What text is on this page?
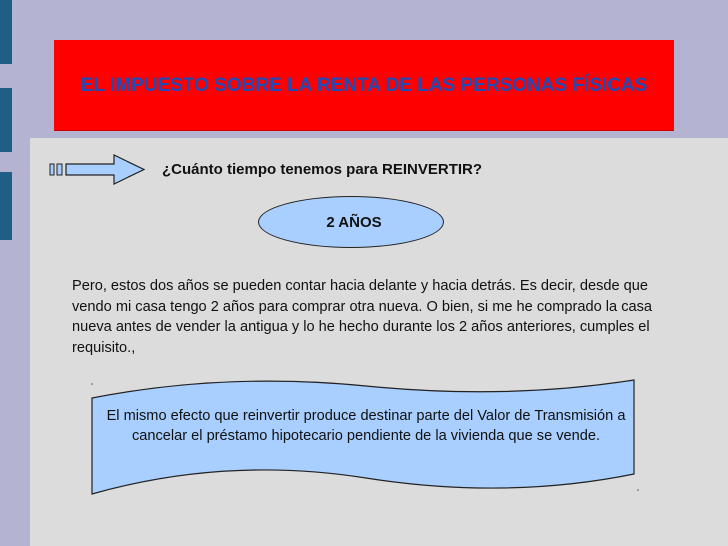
EL IMPUESTO SOBRE LA RENTA DE LAS PERSONAS FÍSICAS
¿Cuánto tiempo tenemos para REINVERTIR?
2 AÑOS
Pero, estos dos años se pueden contar hacia delante y hacia detrás. Es decir, desde que vendo mi casa tengo 2 años para comprar otra nueva. O bien, si me he comprado la casa nueva antes de vender la antigua y lo he hecho durante los 2 años anteriores, cumples el requisito.,
El mismo efecto que reinvertir produce destinar parte del Valor de Transmisión a cancelar el préstamo hipotecario pendiente de la vivienda que se vende.
